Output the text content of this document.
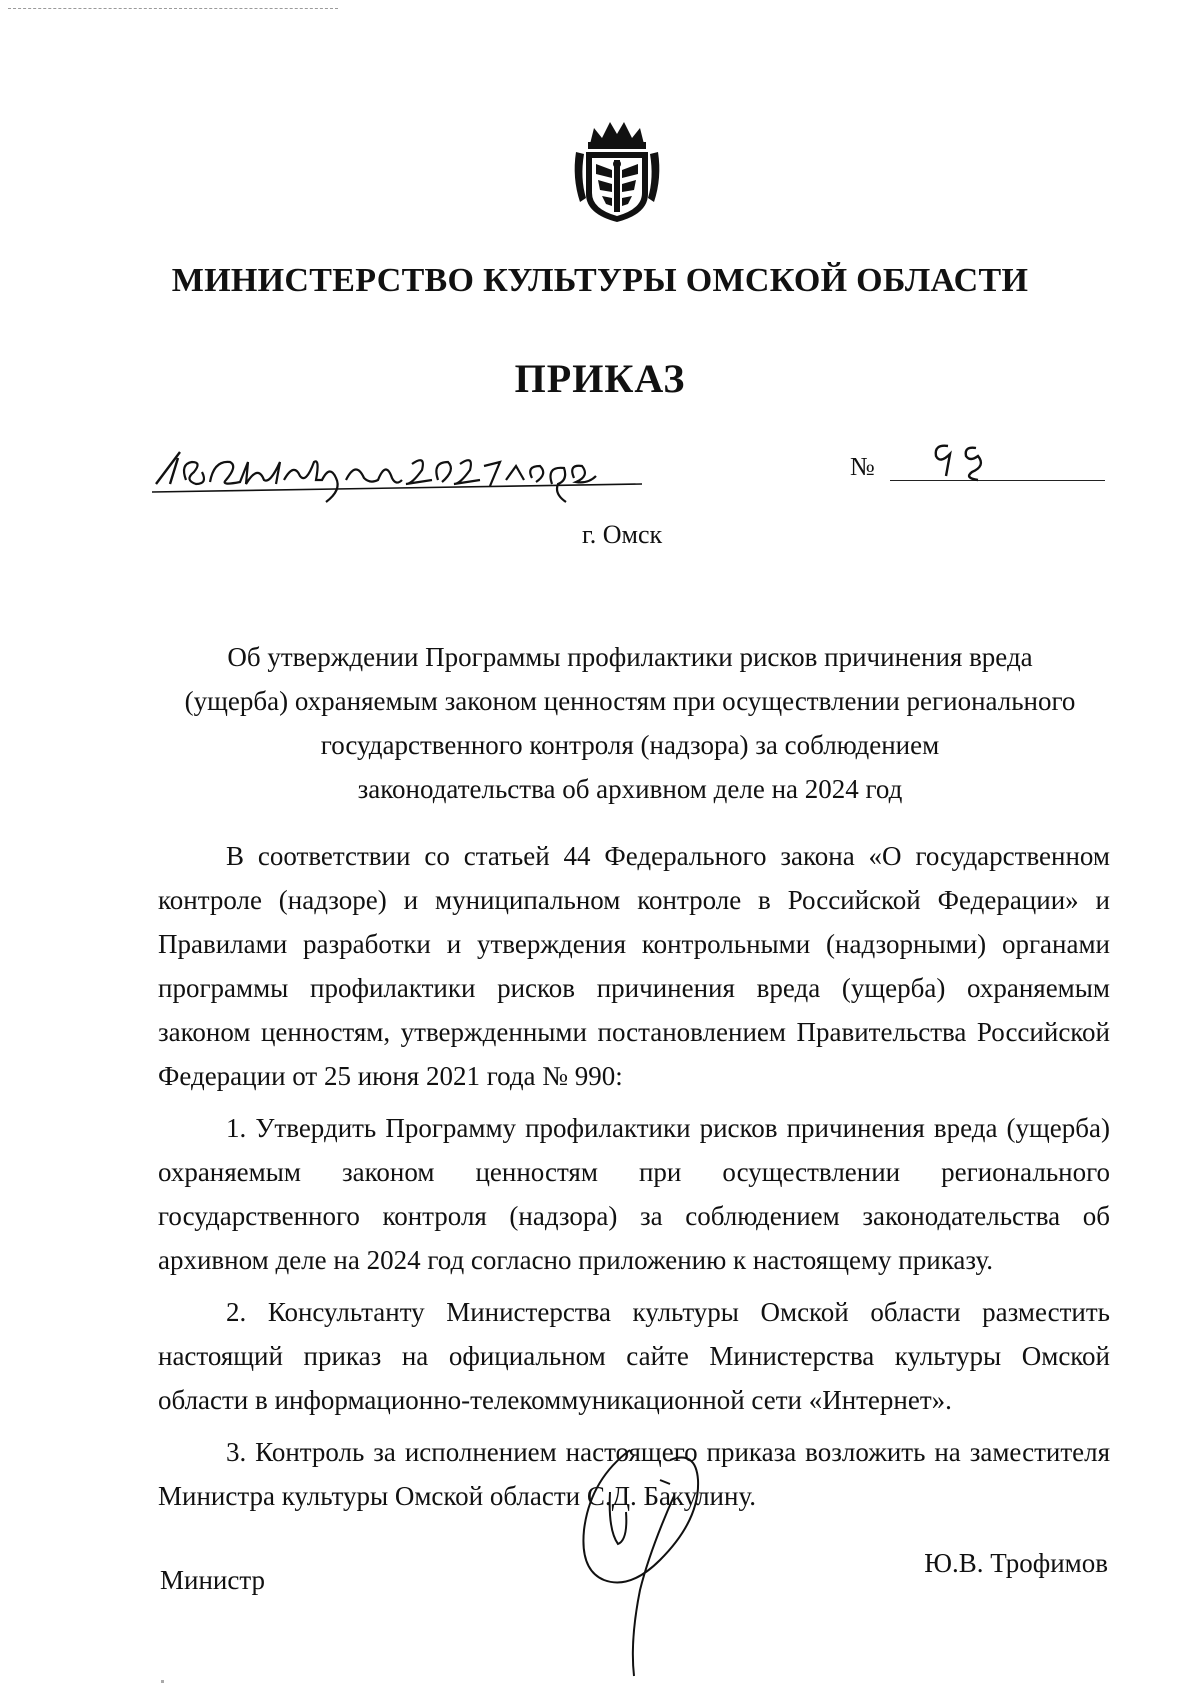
МИНИСТЕРСТВО КУЛЬТУРЫ ОМСКОЙ ОБЛАСТИ
ПРИКАЗ
№
г. Омск
Об утверждении Программы профилактики рисков причинения вреда
(ущерба) охраняемым законом ценностям при осуществлении регионального
государственного контроля (надзора) за соблюдением
законодательства об архивном деле на 2024 год

В соответствии со статьей 44 Федерального закона «О государственном контроле (надзоре) и муниципальном контроле в Российской Федерации» и Правилами разработки и утверждения контрольными (надзорными) органами программы профилактики рисков причинения вреда (ущерба) охраняемым законом ценностям, утвержденными постановлением Правительства Российской Федерации от 25 июня 2021 года № 990:

1. Утвердить Программу профилактики рисков причинения вреда (ущерба) охраняемым законом ценностям при осуществлении регионального государственного контроля (надзора) за соблюдением законодательства об архивном деле на 2024 год согласно приложению к настоящему приказу.

2. Консультанту Министерства культуры Омской области разместить настоящий приказ на официальном сайте Министерства культуры Омской области в информационно-телекоммуникационной сети «Интернет».

3. Контроль за исполнением настоящего приказа возложить на заместителя Министра культуры Омской области С.Д. Бакулину.

Министр
Ю.В. Трофимов
